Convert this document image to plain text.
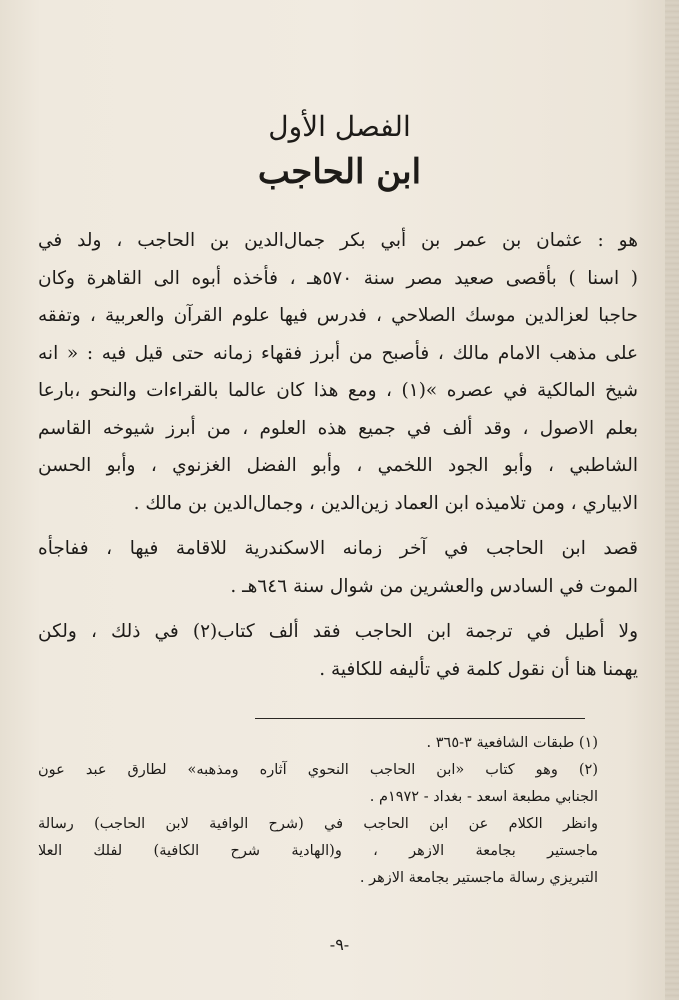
الفصل الأول
ابن الحاجب
هو : عثمان بن عمر بن أبي بكر جمال‌الدين بن الحاجب ، ولد في
( اسنا ) بأقصى صعيد مصر سنة ٥٧٠هـ ، فأخذه أبوه الى القاهرة وكان
حاجبا لعزالدين موسك الصلاحي ، فدرس فيها علوم القرآن والعربية ، وتفقه
على مذهب الامام مالك ، فأصبح من أبرز فقهاء زمانه حتى قيل فيه : « انه
شيخ المالكية في عصره »(١) ، ومع هذا كان عالما بالقراءات والنحو ،بارعا
بعلم الاصول ، وقد ألف في جميع هذه العلوم ، من أبرز شيوخه القاسم
الشاطبي ، وأبو الجود اللخمي ، وأبو الفضل الغزنوي ، وأبو الحسن
الابياري ، ومن تلاميذه ابن العماد زين‌الدين ، وجمال‌الدين بن مالك .
قصد ابن الحاجب في آخر زمانه الاسكندرية للاقامة فيها ، ففاجأه
الموت في السادس والعشرين من شوال سنة ٦٤٦هـ .
ولا أطيل في ترجمة ابن الحاجب فقد ألف كتاب(٢) في ذلك ، ولكن
يهمنا هنا أن نقول كلمة في تأليفه للكافية .
(١) طبقات الشافعية ٣-٣٦٥ .
(٢) وهو كتاب «ابن الحاجب النحوي آثاره ومذهبه» لطارق عبد عون
الجنابي مطبعة اسعد - بغداد - ١٩٧٢م .
وانظر الكلام عن ابن الحاجب في (شرح الوافية لابن الحاجب) رسالة
ماجستير بجامعة الازهر ، و(الهادية شرح الكافية) لفلك العلا
التبريزي رسالة ماجستير بجامعة الازهر .
-٩-
